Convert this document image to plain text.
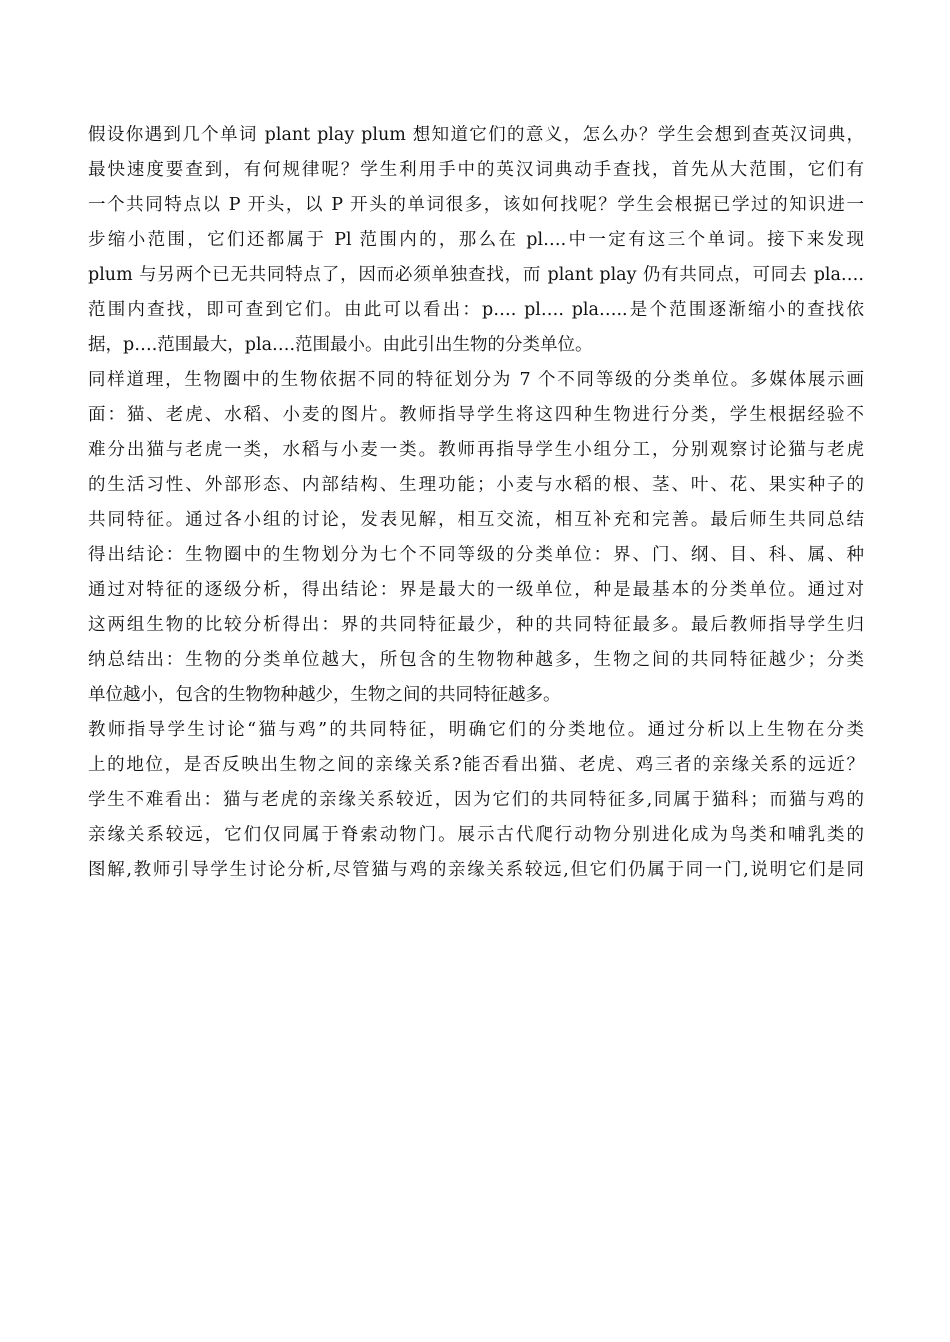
假设你遇到几个单词 plant play plum 想知道它们的意义，怎么办？学生会想到查英汉词典，
最快速度要查到，有何规律呢？学生利用手中的英汉词典动手查找，首先从大范围，它们有
一个共同特点以 P 开头，以 P 开头的单词很多，该如何找呢？学生会根据已学过的知识进一
步缩小范围，它们还都属于 Pl 范围内的，那么在 pl….中一定有这三个单词。接下来发现
plum 与另两个已无共同特点了，因而必须单独查找，而 plant play 仍有共同点，可同去 pla….
范围内查找，即可查到它们。由此可以看出：p…. pl…. pla…..是个范围逐渐缩小的查找依
据，p….范围最大，pla….范围最小。由此引出生物的分类单位。
同样道理，生物圈中的生物依据不同的特征划分为 7 个不同等级的分类单位。多媒体展示画
面：猫、老虎、水稻、小麦的图片。教师指导学生将这四种生物进行分类，学生根据经验不
难分出猫与老虎一类，水稻与小麦一类。教师再指导学生小组分工，分别观察讨论猫与老虎
的生活习性、外部形态、内部结构、生理功能；小麦与水稻的根、茎、叶、花、果实种子的
共同特征。通过各小组的讨论，发表见解，相互交流，相互补充和完善。最后师生共同总结
得出结论：生物圈中的生物划分为七个不同等级的分类单位：界、门、纲、目、科、属、种
通过对特征的逐级分析，得出结论：界是最大的一级单位，种是最基本的分类单位。通过对
这两组生物的比较分析得出：界的共同特征最少，种的共同特征最多。最后教师指导学生归
纳总结出：生物的分类单位越大，所包含的生物物种越多，生物之间的共同特征越少；分类
单位越小，包含的生物物种越少，生物之间的共同特征越多。
教师指导学生讨论“猫与鸡”的共同特征，明确它们的分类地位。通过分析以上生物在分类
上的地位，是否反映出生物之间的亲缘关系?能否看出猫、老虎、鸡三者的亲缘关系的远近？
学生不难看出：猫与老虎的亲缘关系较近，因为它们的共同特征多,同属于猫科；而猫与鸡的
亲缘关系较远，它们仅同属于脊索动物门。展示古代爬行动物分别进化成为鸟类和哺乳类的
图解,教师引导学生讨论分析,尽管猫与鸡的亲缘关系较远,但它们仍属于同一门,说明它们是同
